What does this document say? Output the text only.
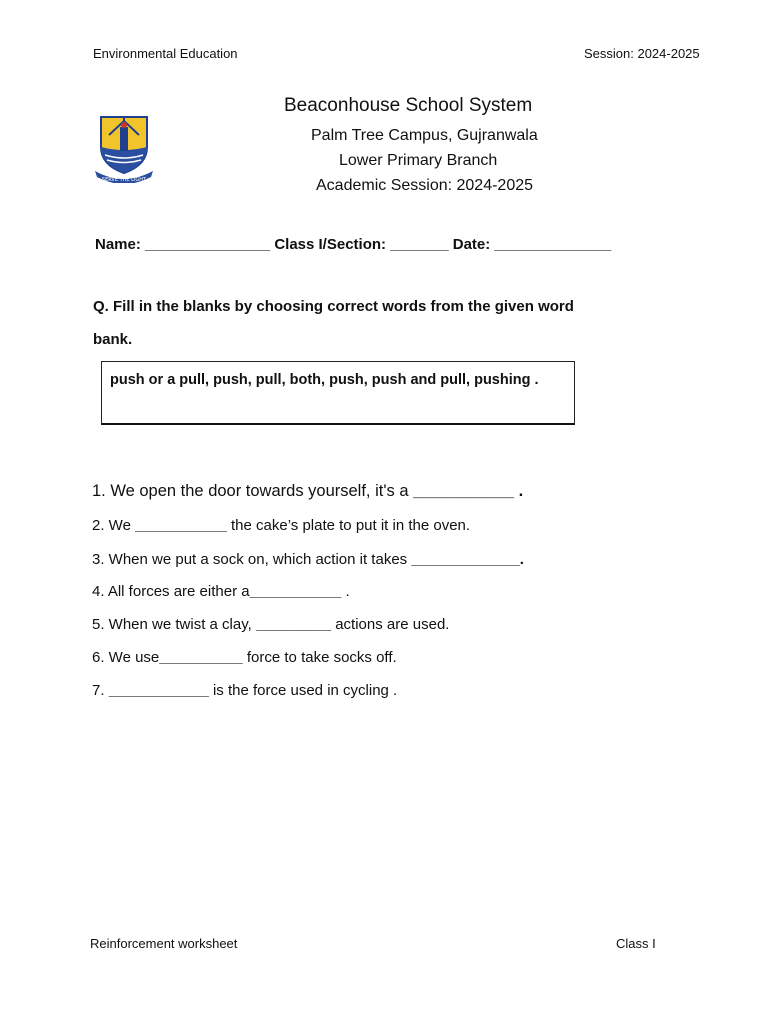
Environmental Education	Session: 2024-2025
SERVE THE LIGHT
Beaconhouse School System
Palm Tree Campus, Gujranwala
Lower Primary Branch
Academic Session: 2024-2025
Name: _______________ Class I/Section: _______ Date: ______________
Q. Fill in the blanks by choosing correct words from the given word
bank.
push or a pull, push, pull, both, push, push and pull, pushing .
1. We open the door towards yourself, it's a ___________ .
2. We ___________ the cake’s plate to put it in the oven.
3. When we put a sock on, which action it takes _____________.
4. All forces are either a___________ .
5. When we twist a clay, _________ actions are used.
6. We use__________ force to take socks off.
7. ____________ is the force used in cycling .
Reinforcement worksheet	Class I
